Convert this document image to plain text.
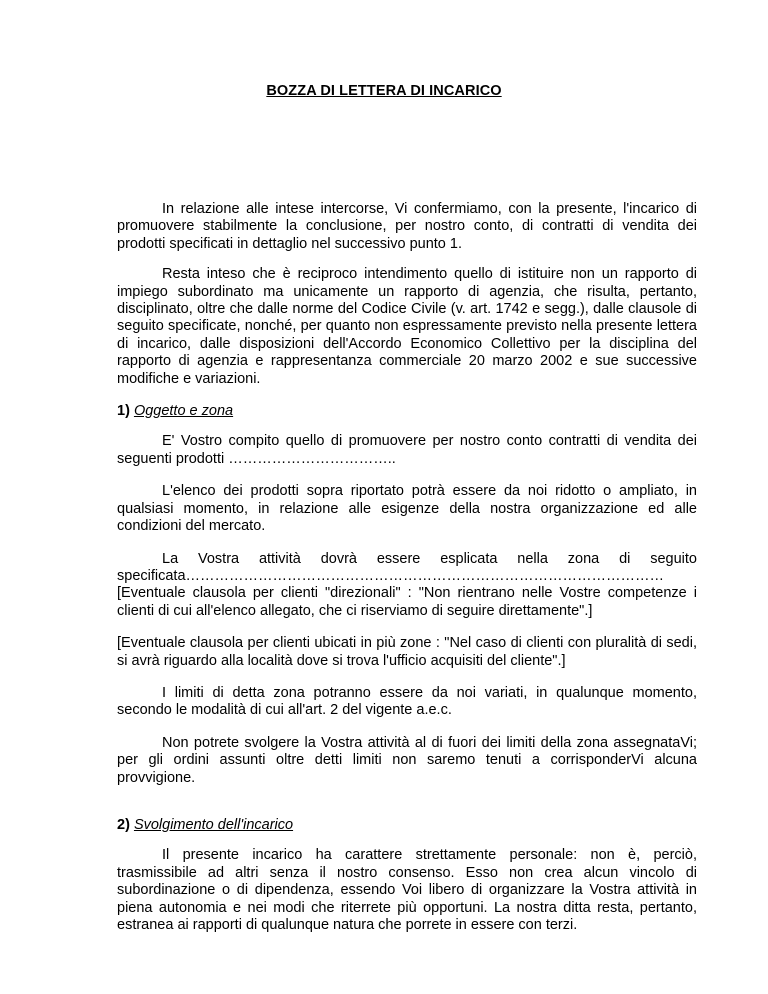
BOZZA DI LETTERA DI INCARICO

In relazione alle intese intercorse, Vi confermiamo, con la presente, l'incarico di promuovere stabilmente la conclusione, per nostro conto, di contratti di vendita dei prodotti specificati in dettaglio nel successivo punto 1.

Resta inteso che è reciproco intendimento quello di istituire non un rapporto di impiego subordinato ma unicamente un rapporto di agenzia, che risulta, pertanto, disciplinato, oltre che dalle norme del Codice Civile (v. art. 1742 e segg.), dalle clausole di seguito specificate, nonché, per quanto non espressamente previsto nella presente lettera di incarico, dalle disposizioni dell'Accordo Economico Collettivo per la disciplina del rapporto di agenzia e rappresentanza commerciale 20 marzo 2002 e sue successive modifiche e variazioni.

1) Oggetto e zona

E' Vostro compito quello di promuovere per nostro conto contratti di vendita dei seguenti prodotti ……………………………..

L'elenco dei prodotti sopra riportato potrà essere da noi ridotto o ampliato, in qualsiasi momento, in relazione alle esigenze della nostra organizzazione ed alle condizioni del mercato.

La Vostra attività dovrà essere esplicata nella zona di seguito

specificata………………………………………………………………………………………

[Eventuale clausola per clienti "direzionali" : "Non rientrano nelle Vostre competenze i clienti di cui all'elenco allegato, che ci riserviamo di seguire direttamente".]

[Eventuale clausola per clienti ubicati in più zone : "Nel caso di clienti con pluralità di sedi, si avrà riguardo alla località dove si trova l'ufficio acquisiti del cliente".]

I limiti di detta zona potranno essere da noi variati, in qualunque momento, secondo le modalità di cui all'art. 2 del vigente a.e.c.

Non potrete svolgere la Vostra attività al di fuori dei limiti della zona assegnataVi; per gli ordini assunti oltre detti limiti non saremo tenuti a corrisponderVi alcuna provvigione.

2) Svolgimento dell'incarico

Il presente incarico ha carattere strettamente personale: non è, perciò, trasmissibile ad altri senza il nostro consenso. Esso non crea alcun vincolo di subordinazione o di dipendenza, essendo Voi libero di organizzare la Vostra attività in piena autonomia e nei modi che riterrete più opportuni. La nostra ditta resta, pertanto, estranea ai rapporti di qualunque natura che porrete in essere con terzi.
